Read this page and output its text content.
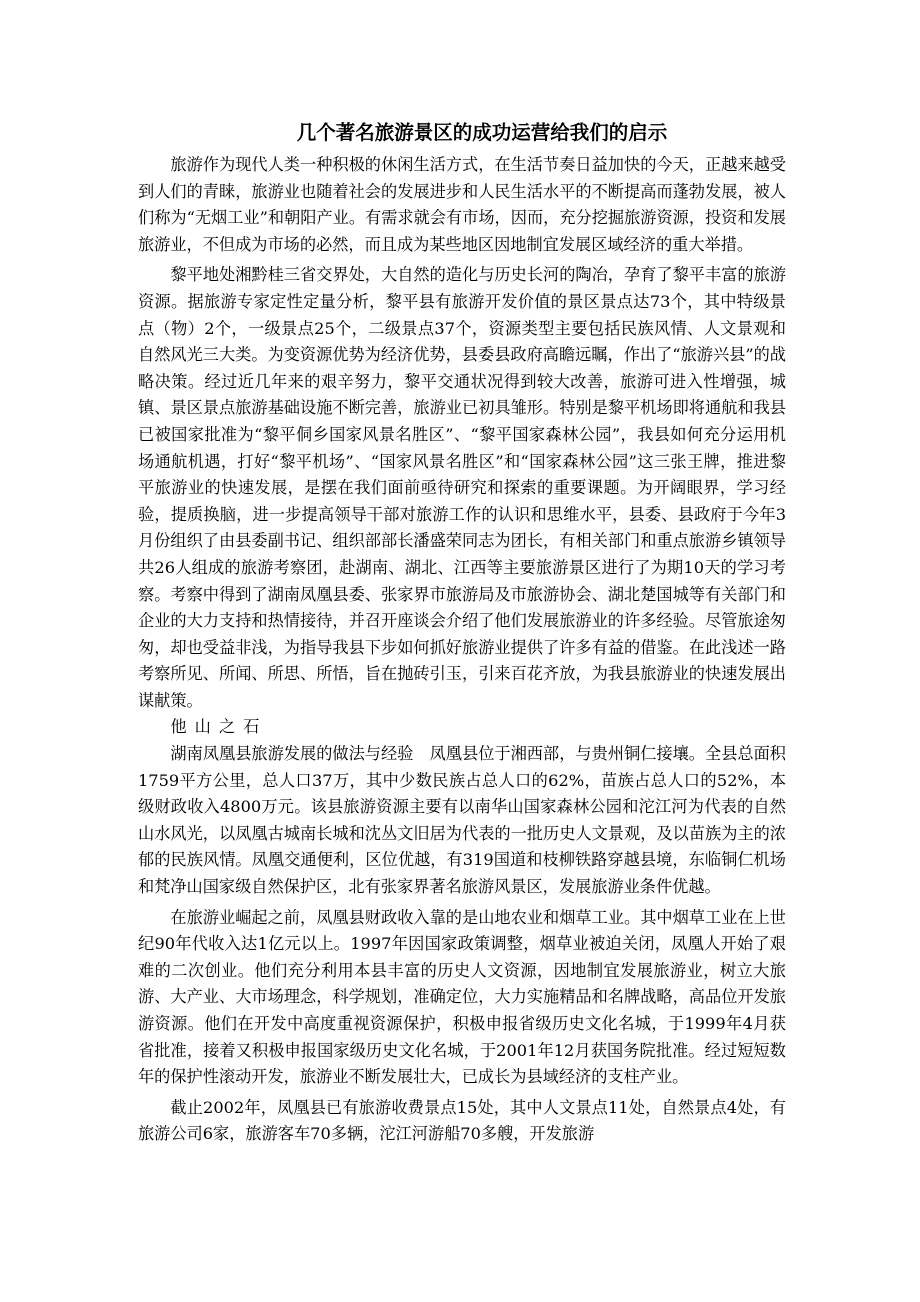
几个著名旅游景区的成功运营给我们的启示

旅游作为现代人类一种积极的休闲生活方式，在生活节奏日益加快的今天，正越来越受到人们的青睐，旅游业也随着社会的发展进步和人民生活水平的不断提高而蓬勃发展，被人们称为“无烟工业”和朝阳产业。有需求就会有市场，因而，充分挖掘旅游资源，投资和发展旅游业，不但成为市场的必然，而且成为某些地区因地制宜发展区域经济的重大举措。

黎平地处湘黔桂三省交界处，大自然的造化与历史长河的陶冶，孕育了黎平丰富的旅游资源。据旅游专家定性定量分析，黎平县有旅游开发价值的景区景点达73个，其中特级景点（物）2个，一级景点25个，二级景点37个，资源类型主要包括民族风情、人文景观和自然风光三大类。为变资源优势为经济优势，县委县政府高瞻远瞩，作出了“旅游兴县”的战略决策。经过近几年来的艰辛努力，黎平交通状况得到较大改善，旅游可进入性增强，城镇、景区景点旅游基础设施不断完善，旅游业已初具雏形。特别是黎平机场即将通航和我县已被国家批准为“黎平侗乡国家风景名胜区”、“黎平国家森林公园”，我县如何充分运用机场通航机遇，打好“黎平机场”、“国家风景名胜区”和“国家森林公园”这三张王牌，推进黎平旅游业的快速发展，是摆在我们面前亟待研究和探索的重要课题。为开阔眼界，学习经验，提质换脑，进一步提高领导干部对旅游工作的认识和思维水平，县委、县政府于今年3月份组织了由县委副书记、组织部部长潘盛荣同志为团长，有相关部门和重点旅游乡镇领导共26人组成的旅游考察团，赴湖南、湖北、江西等主要旅游景区进行了为期10天的学习考察。考察中得到了湖南凤凰县委、张家界市旅游局及市旅游协会、湖北楚国城等有关部门和企业的大力支持和热情接待，并召开座谈会介绍了他们发展旅游业的许多经验。尽管旅途匆匆，却也受益非浅，为指导我县下步如何抓好旅游业提供了许多有益的借鉴。在此浅述一路考察所见、所闻、所思、所悟，旨在抛砖引玉，引来百花齐放，为我县旅游业的快速发展出谋献策。

他山之石

湖南凤凰县旅游发展的做法与经验　凤凰县位于湘西部，与贵州铜仁接壤。全县总面积1759平方公里，总人口37万，其中少数民族占总人口的62%，苗族占总人口的52%，本级财政收入4800万元。该县旅游资源主要有以南华山国家森林公园和沱江河为代表的自然山水风光，以凤凰古城南长城和沈丛文旧居为代表的一批历史人文景观，及以苗族为主的浓郁的民族风情。凤凰交通便利，区位优越，有319国道和枝柳铁路穿越县境，东临铜仁机场和梵净山国家级自然保护区，北有张家界著名旅游风景区，发展旅游业条件优越。

在旅游业崛起之前，凤凰县财政收入靠的是山地农业和烟草工业。其中烟草工业在上世纪90年代收入达1亿元以上。1997年因国家政策调整，烟草业被迫关闭，凤凰人开始了艰难的二次创业。他们充分利用本县丰富的历史人文资源，因地制宜发展旅游业，树立大旅游、大产业、大市场理念，科学规划，准确定位，大力实施精品和名牌战略，高品位开发旅游资源。他们在开发中高度重视资源保护，积极申报省级历史文化名城，于1999年4月获省批准，接着又积极申报国家级历史文化名城，于2001年12月获国务院批准。经过短短数年的保护性滚动开发，旅游业不断发展壮大，已成长为县域经济的支柱产业。

截止2002年，凤凰县已有旅游收费景点15处，其中人文景点11处，自然景点4处，有旅游公司6家，旅游客车70多辆，沱江河游船70多艘，开发旅游
